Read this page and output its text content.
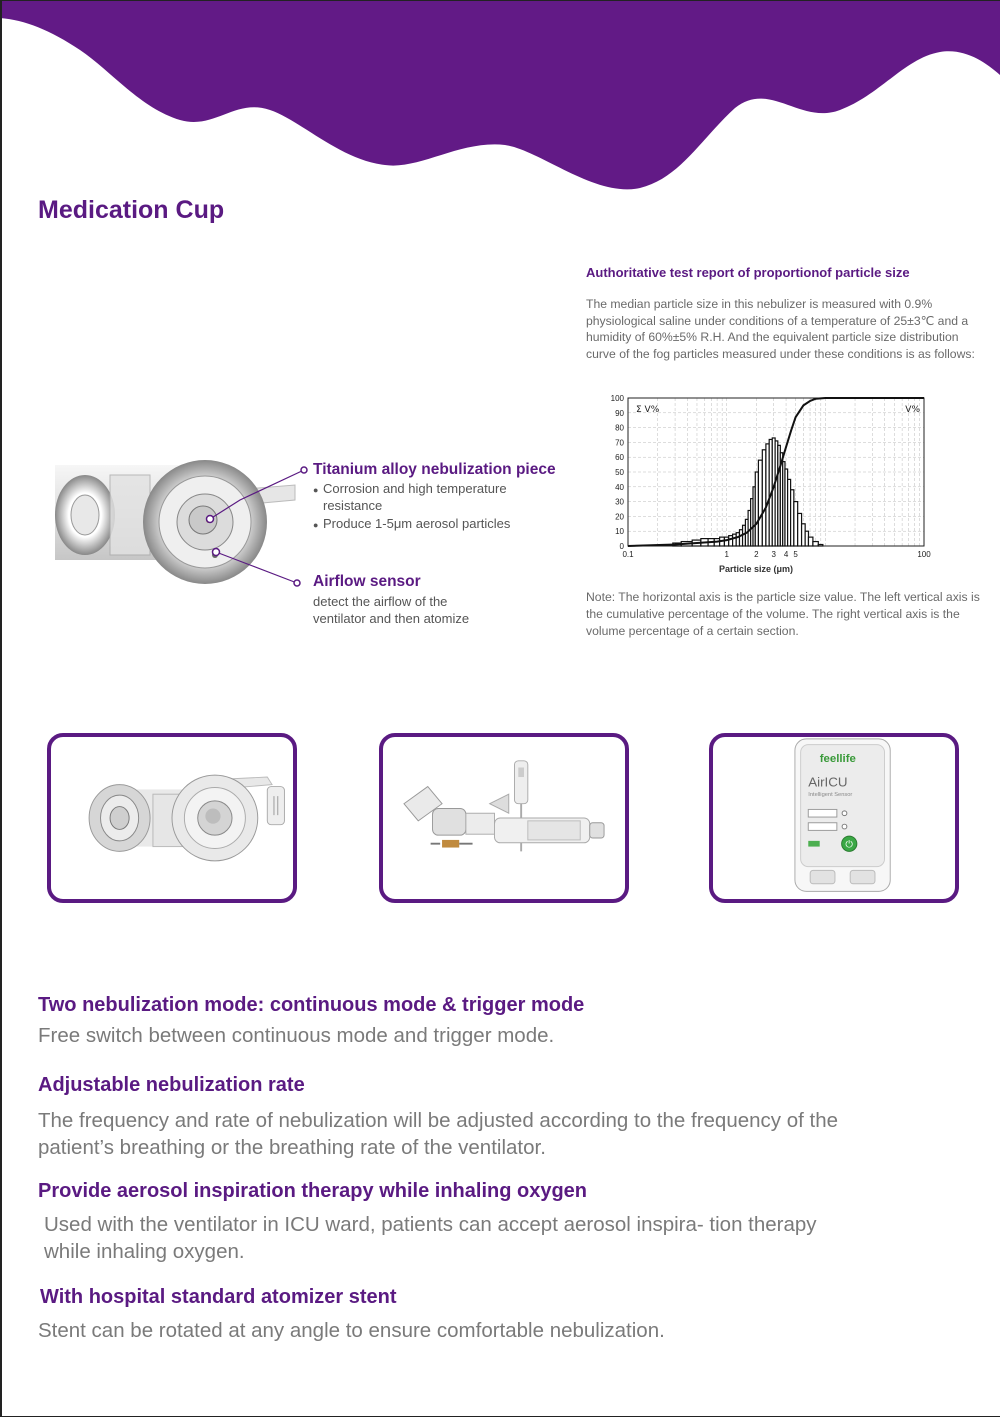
Medication Cup
Authoritative test report of proportionof particle size
The median particle size in this nebulizer is measured with 0.9% physiological saline under conditions of a temperature of 25±3℃ and a humidity of 60%±5% R.H. And the equivalent particle size distribution curve of the fog particles measured under these conditions is as follows:
0
10
20
30
40
50
60
70
80
90
100
0.1	1	2 3 4 5	100
Particle size (μm)
Σ V%	V%
Note: The horizontal axis is the particle size value. The left vertical axis is the cumulative percentage of the volume. The right vertical axis is the volume percentage of a certain section.
Titanium alloy nebulization piece
● Corrosion and high temperature resistance
● Produce 1-5μm aerosol particles
Airflow sensor
detect the airflow of the ventilator and then atomize
feellife
AirICU
Intelligent Sensor
⏻
Two nebulization mode: continuous mode & trigger mode
Free switch between continuous mode and trigger mode.
Adjustable nebulization rate
The frequency and rate of nebulization will be adjusted according to the frequency of the patient’s breathing or the breathing rate of the ventilator.
Provide aerosol inspiration therapy while inhaling oxygen
Used with the ventilator in ICU ward, patients can accept aerosol inspira- tion therapy while inhaling oxygen.
With hospital standard atomizer stent
Stent can be rotated at any angle to ensure comfortable nebulization.
